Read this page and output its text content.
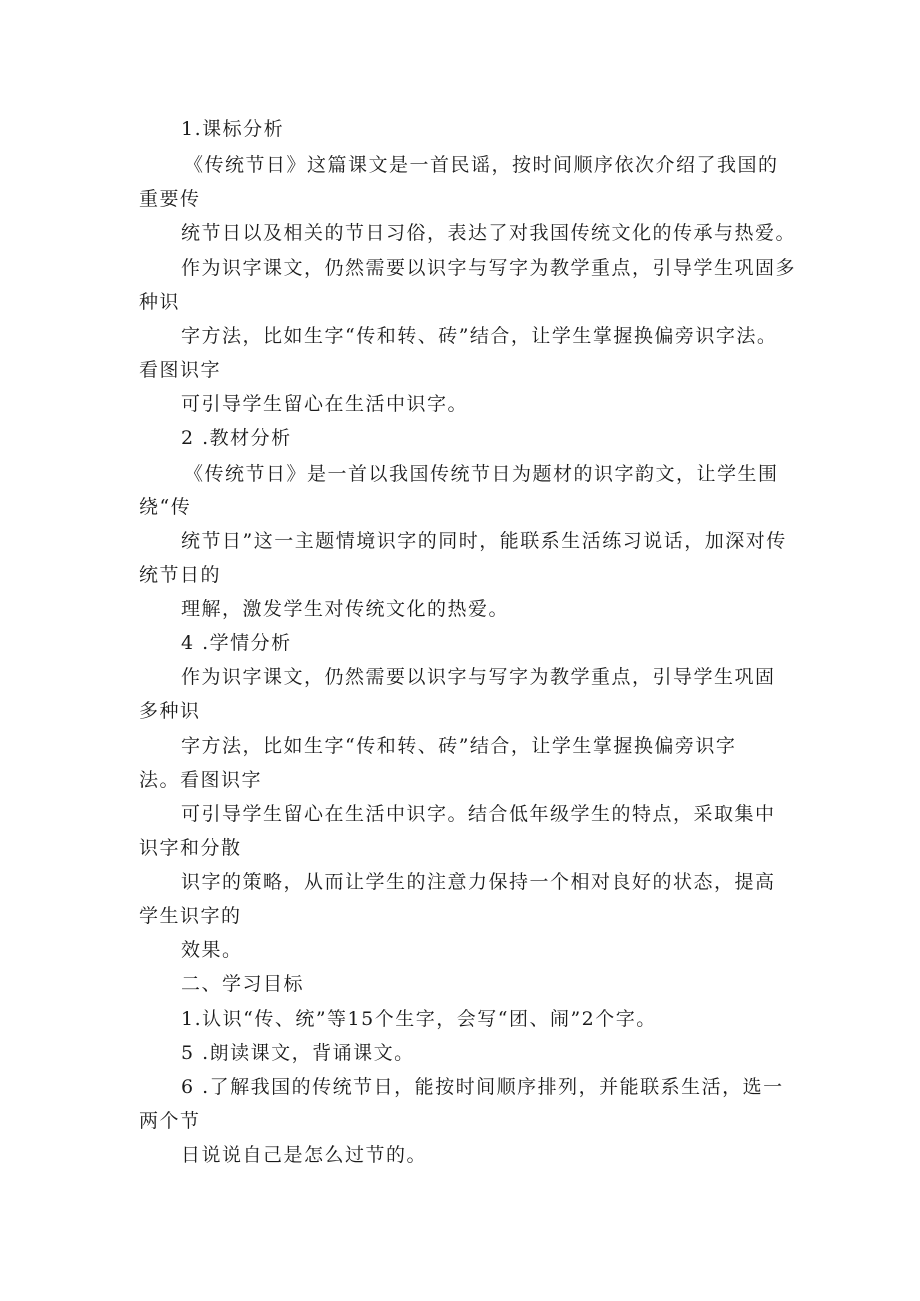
1.课标分析
《传统节日》这篇课文是一首民谣，按时间顺序依次介绍了我国的
重要传
统节日以及相关的节日习俗，表达了对我国传统文化的传承与热爱。
作为识字课文，仍然需要以识字与写字为教学重点，引导学生巩固多
种识
字方法，比如生字“传和转、砖”结合，让学生掌握换偏旁识字法。
看图识字
可引导学生留心在生活中识字。
2 .教材分析
《传统节日》是一首以我国传统节日为题材的识字韵文，让学生围
绕“传
统节日”这一主题情境识字的同时，能联系生活练习说话，加深对传
统节日的
理解，激发学生对传统文化的热爱。
4 .学情分析
作为识字课文，仍然需要以识字与写字为教学重点，引导学生巩固
多种识
字方法，比如生字“传和转、砖”结合，让学生掌握换偏旁识字
法。看图识字
可引导学生留心在生活中识字。结合低年级学生的特点，采取集中
识字和分散
识字的策略，从而让学生的注意力保持一个相对良好的状态，提高
学生识字的
效果。
二、学习目标
1.认识“传、统”等15个生字，会写“团、闹”2个字。
5 .朗读课文，背诵课文。
6 .了解我国的传统节日，能按时间顺序排列，并能联系生活，选一
两个节
日说说自己是怎么过节的。
